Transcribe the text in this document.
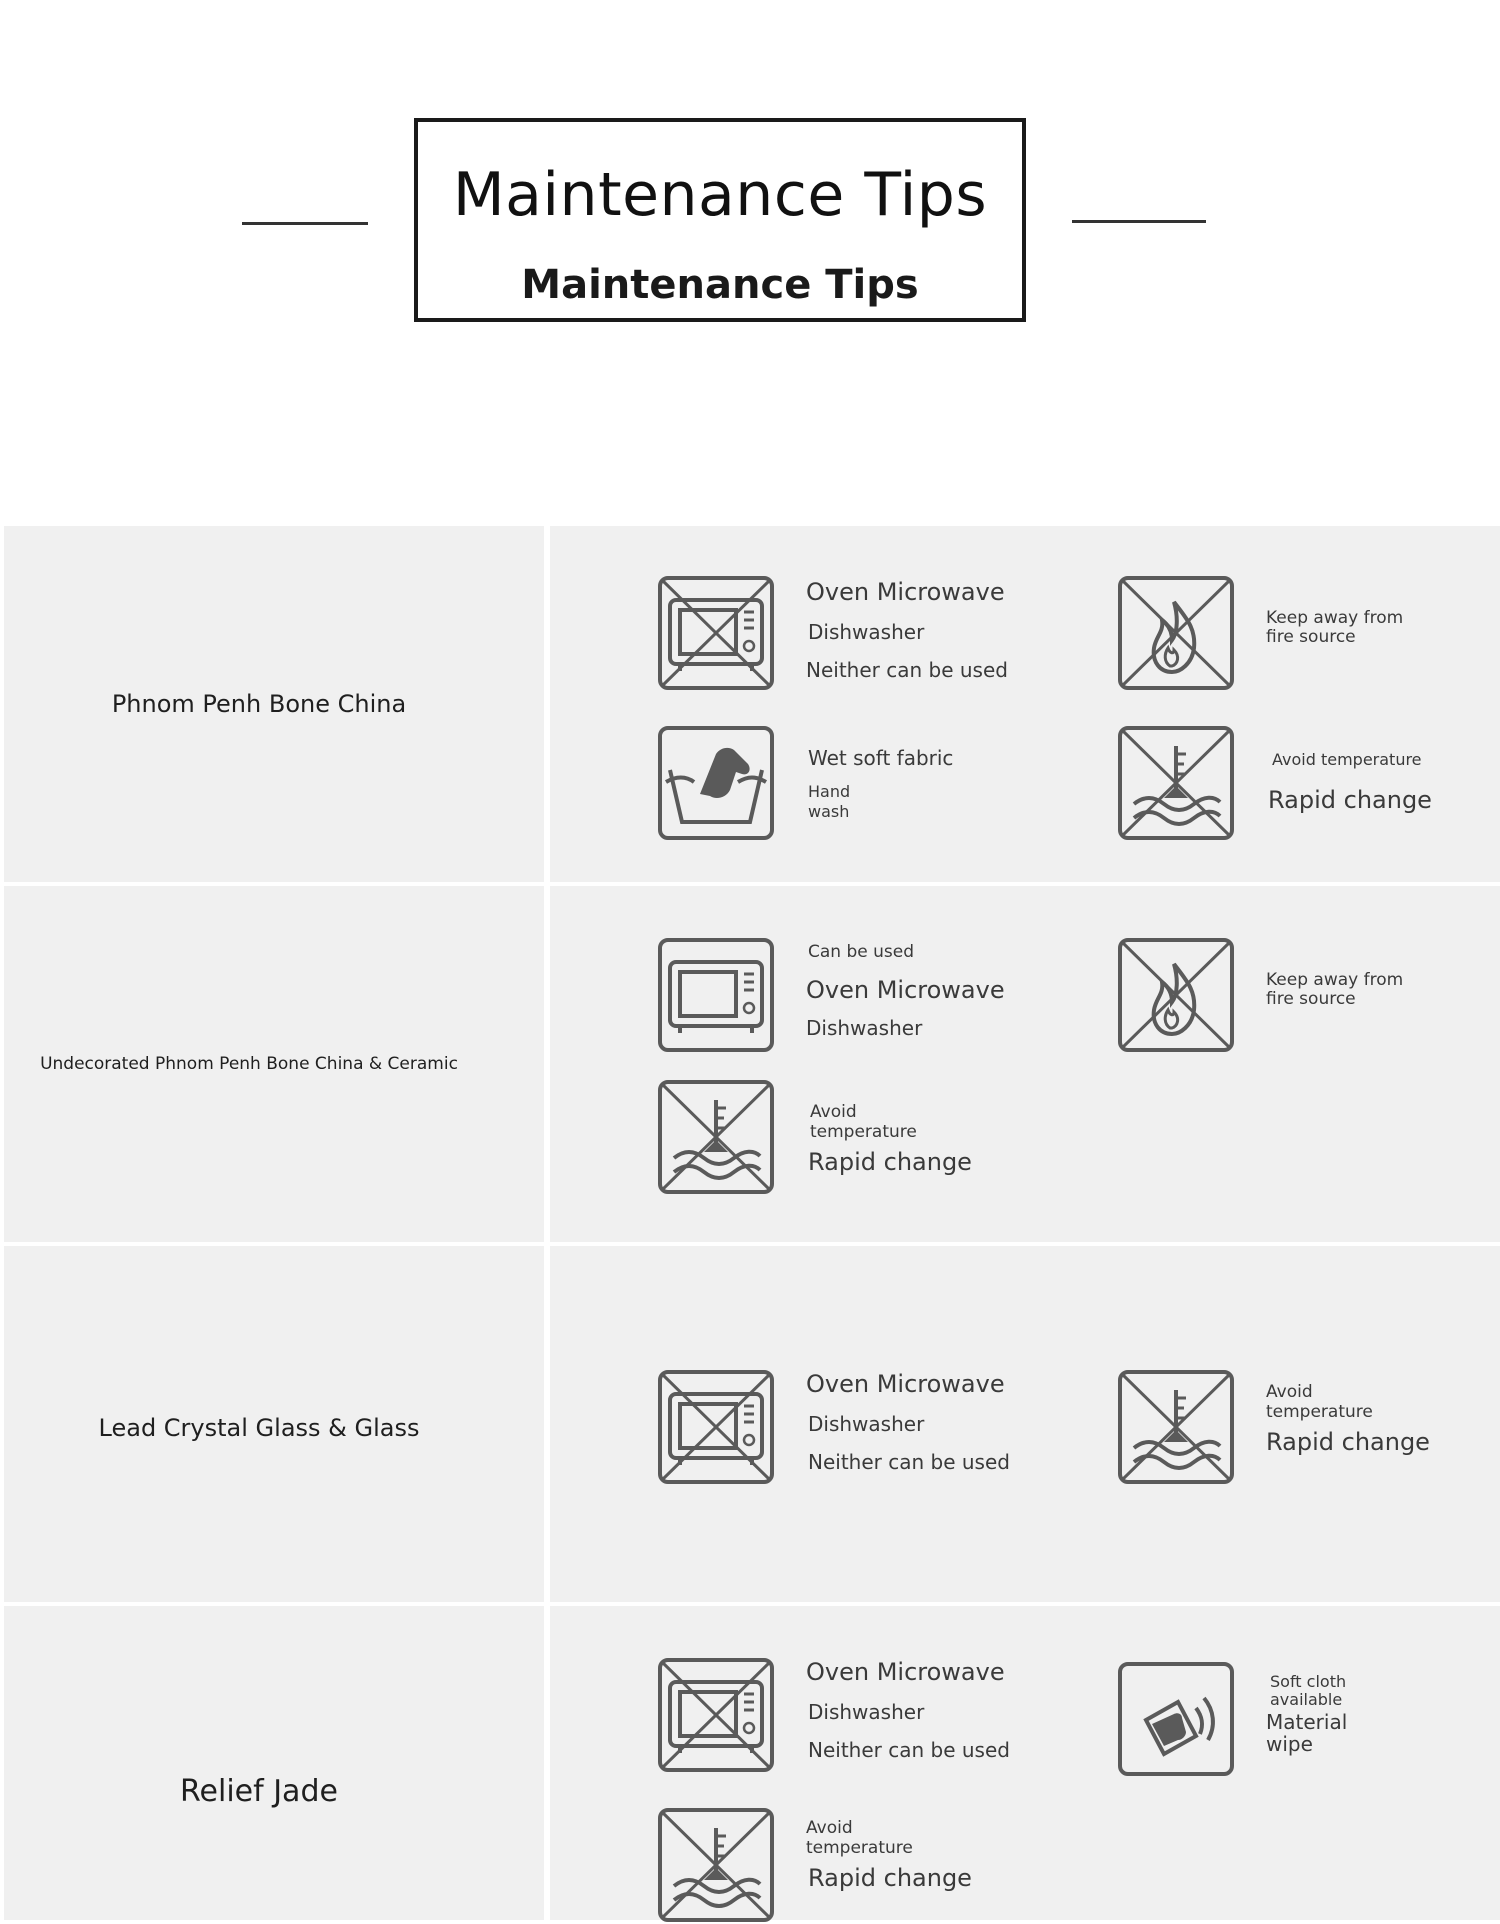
Maintenance Tips
Maintenance Tips
Phnom Penh Bone China
Oven Microwave
Dishwasher
Neither can be used
Keep away from
fire source
Wet soft fabric
Hand
wash
Avoid temperature
Rapid change
Undecorated Phnom Penh Bone China & Ceramic
Can be used
Oven Microwave
Dishwasher
Keep away from
fire source
Avoid
temperature
Rapid change
Lead Crystal Glass & Glass
Oven Microwave
Dishwasher
Neither can be used
Avoid
temperature
Rapid change
Relief Jade
Oven Microwave
Dishwasher
Neither can be used
Soft cloth
available
Material
wipe
Avoid
temperature
Rapid change
